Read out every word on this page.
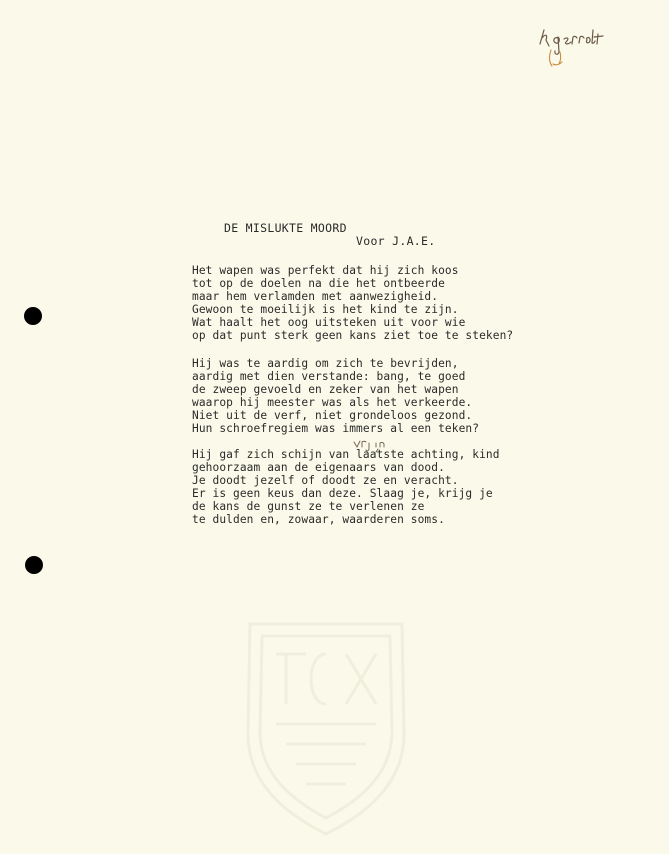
DE MISLUKTE MOORD
Voor J.A.E.
Het wapen was perfekt dat hij zich koos
tot op de doelen na die het ontbeerde
maar hem verlamden met aanwezigheid.
Gewoon te moeilijk is het kind te zijn.
Wat haalt het oog uitsteken uit voor wie
op dat punt sterk geen kans ziet toe te steken?
Hij was te aardig om zich te bevrijden,
aardig met dien verstande: bang, te goed
de zweep gevoeld en zeker van het wapen
waarop hij meester was als het verkeerde.
Niet uit de verf, niet grondeloos gezond.
Hun schroefregiem was immers al een teken?
Hij gaf zich schijn van laatste achting, kind
gehoorzaam aan de eigenaars van dood.
Je doodt jezelf of doodt ze en veracht.
Er is geen keus dan deze. Slaag je, krijg je
de kans de gunst ze te verlenen ze
te dulden en, zowaar, waarderen soms.
